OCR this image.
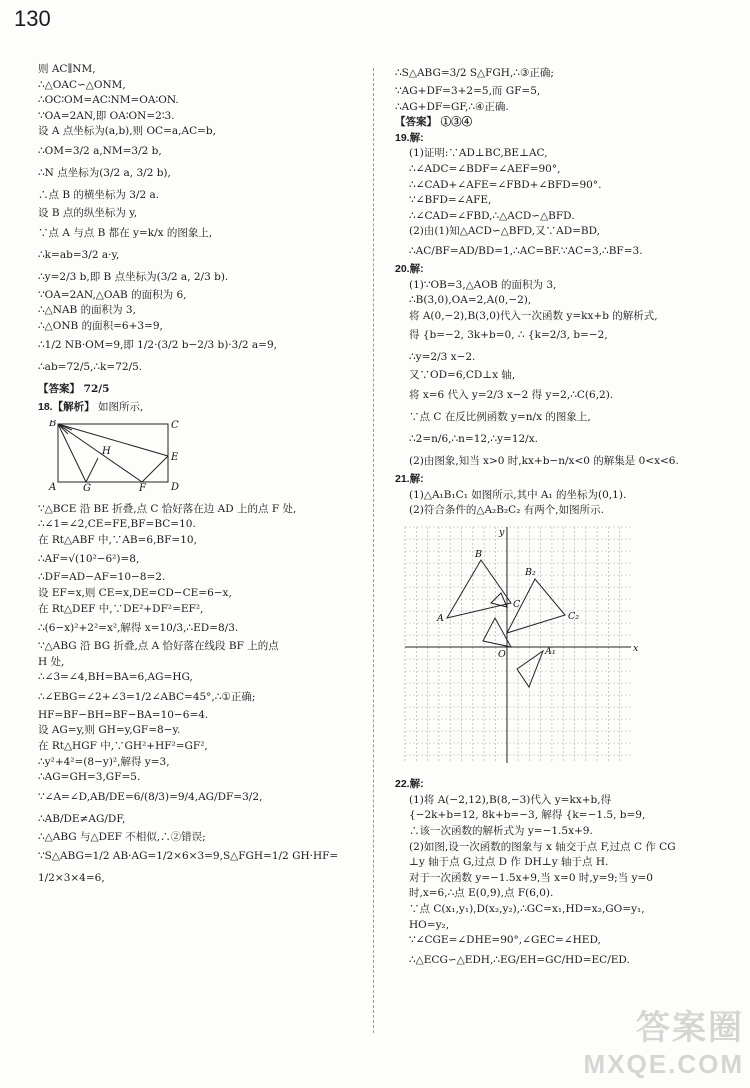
130
则 AC∥NM,
∴△OAC∽△ONM,
∴OC∶OM=AC∶NM=OA∶ON.
∵OA=2AN,即 OA∶ON=2∶3.
设 A 点坐标为(a,b),则 OC=a,AC=b,
∴OM=3/2 a,NM=3/2 b,
∴N 点坐标为(3/2 a, 3/2 b),
∴点 B 的横坐标为 3/2 a.
设 B 点的纵坐标为 y,
∵点 A 与点 B 都在 y=k/x 的图象上,
∴k=ab=3/2 a·y,
∴y=2/3 b,即 B 点坐标为(3/2 a, 2/3 b).
∵OA=2AN,△OAB 的面积为 6,
∴△NAB 的面积为 3,
∴△ONB 的面积=6+3=9,
∴1/2 NB·OM=9,即 1/2·(3/2 b−2/3 b)·3/2 a=9,
∴ab=72/5,∴k=72/5.
【答案】 72/5
18.【解析】 如图所示,
B	C
H
E
A	G	F	D
∵△BCE 沿 BE 折叠,点 C 恰好落在边 AD 上的点 F 处,
∴∠1=∠2,CE=FE,BF=BC=10.
在 Rt△ABF 中,∵AB=6,BF=10,
∴AF=√(10²−6²)=8,
∴DF=AD−AF=10−8=2.
设 EF=x,则 CE=x,DE=CD−CE=6−x,
在 Rt△DEF 中,∵DE²+DF²=EF²,
∴(6−x)²+2²=x²,解得 x=10/3,∴ED=8/3.
∵△ABG 沿 BG 折叠,点 A 恰好落在线段 BF 上的点
H 处,
∴∠3=∠4,BH=BA=6,AG=HG,
∴∠EBG=∠2+∠3=1/2∠ABC=45°,∴①正确;
HF=BF−BH=BF−BA=10−6=4.
设 AG=y,则 GH=y,GF=8−y.
在 Rt△HGF 中,∵GH²+HF²=GF²,
∴y²+4²=(8−y)²,解得 y=3,
∴AG=GH=3,GF=5.
∵∠A=∠D,AB/DE=6/(8/3)=9/4,AG/DF=3/2,
∴AB/DE≠AG/DF,
∴△ABG 与△DEF 不相似,∴②错误;
∵S△ABG=1/2 AB·AG=1/2×6×3=9,S△FGH=1/2 GH·HF=
1/2×3×4=6,
∴S△ABG=3/2 S△FGH,∴③正确;
∵AG+DF=3+2=5,而 GF=5,
∴AG+DF=GF,∴④正确.
【答案】 ①③④
19.解:
(1)证明:∵AD⊥BC,BE⊥AC,
∴∠ADC=∠BDF=∠AEF=90°,
∴∠CAD+∠AFE=∠FBD+∠BFD=90°.
∵∠BFD=∠AFE,
∴∠CAD=∠FBD,∴△ACD∽△BFD.
(2)由(1)知△ACD∽△BFD,又∵AD=BD,
∴AC/BF=AD/BD=1,∴AC=BF.∵AC=3,∴BF=3.
20.解:
(1)∵OB=3,△AOB 的面积为 3,
∴B(3,0),OA=2,A(0,−2),
将 A(0,−2),B(3,0)代入一次函数 y=kx+b 的解析式,
得 {b=−2, 3k+b=0, ∴ {k=2/3, b=−2,
∴y=2/3 x−2.
又∵OD=6,CD⊥x 轴,
将 x=6 代入 y=2/3 x−2 得 y=2,∴C(6,2).
∵点 C 在反比例函数 y=n/x 的图象上,
∴2=n/6,∴n=12,∴y=12/x.
(2)由图象,知当 x>0 时,kx+b−n/x<0 的解集是 0<x<6.
21.解:
(1)△A₁B₁C₁ 如图所示,其中 A₁ 的坐标为(0,1).
(2)符合条件的△A₂B₂C₂ 有两个,如图所示.
y
x
O
B
A
C
B₂
C₂
A₁
22.解:
(1)将 A(−2,12),B(8,−3)代入 y=kx+b,得
{−2k+b=12, 8k+b=−3, 解得 {k=−1.5, b=9,
∴该一次函数的解析式为 y=−1.5x+9.
(2)如图,设一次函数的图象与 x 轴交于点 F,过点 C 作 CG
⊥y 轴于点 G,过点 D 作 DH⊥y 轴于点 H.
对于一次函数 y=−1.5x+9,当 x=0 时,y=9;当 y=0
时,x=6,∴点 E(0,9),点 F(6,0).
∵点 C(x₁,y₁),D(x₂,y₂),∴GC=x₁,HD=x₂,GO=y₁,
HO=y₂,
∵∠CGE=∠DHE=90°,∠GEC=∠HED,
∴△ECG∽△EDH,∴EG/EH=GC/HD=EC/ED.
答案圈
MXQE.COM
